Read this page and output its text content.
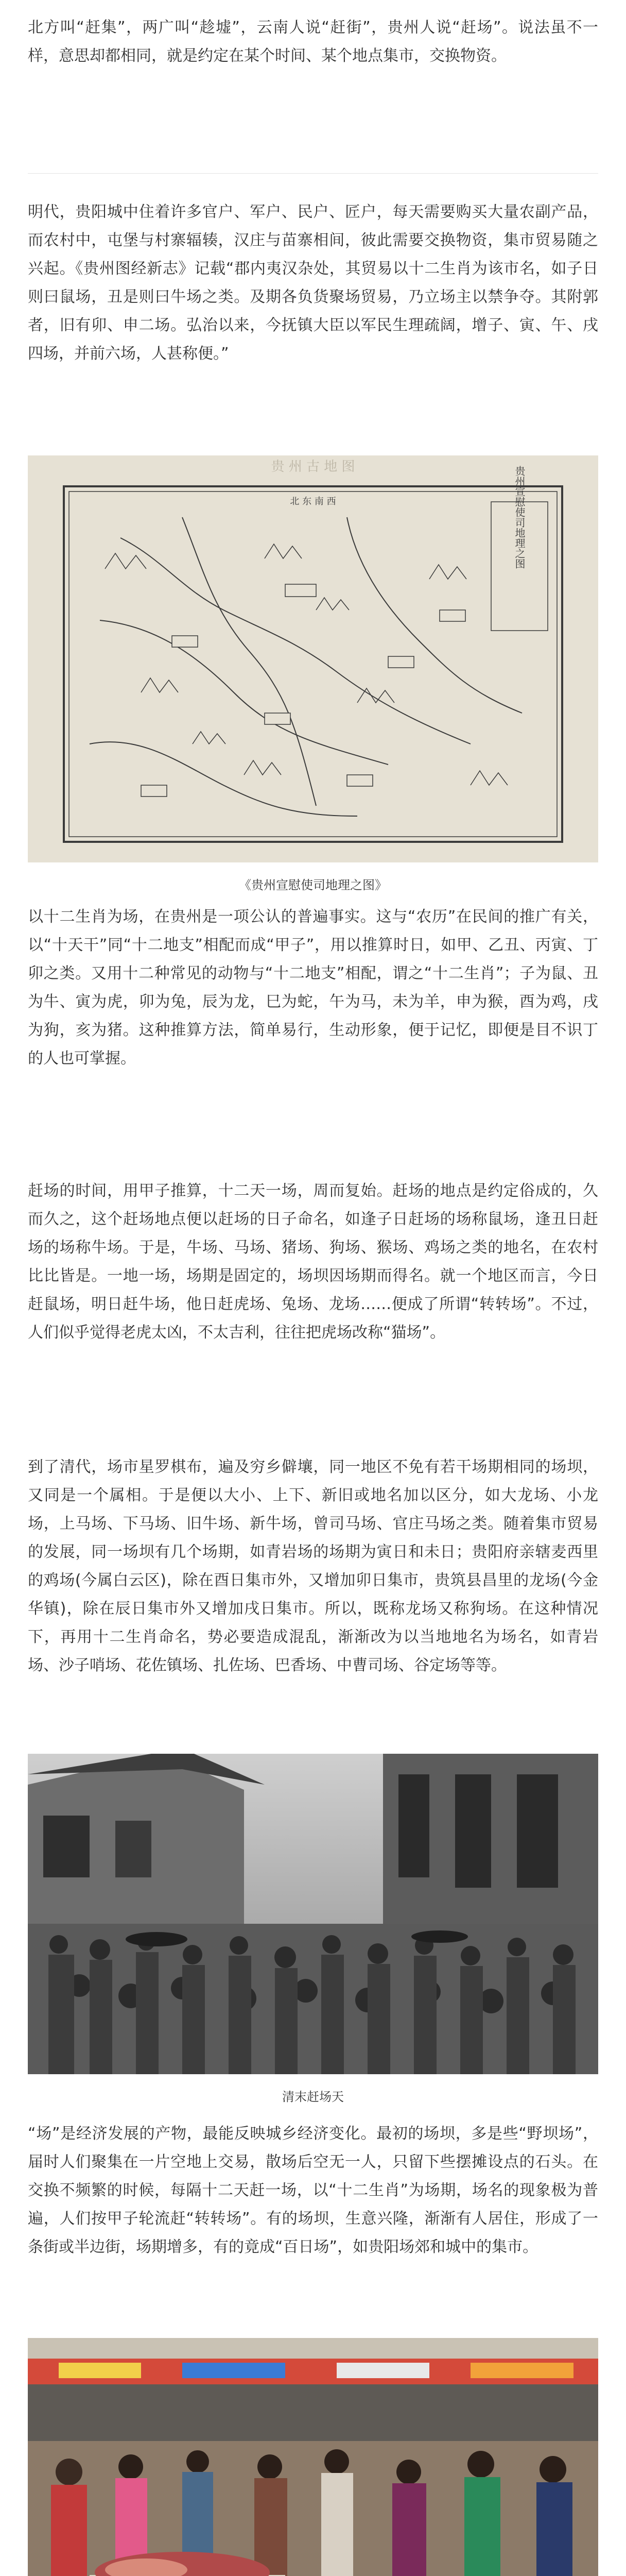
北方叫“赶集”，两广叫“趁墟”，云南人说“赶街”，贵州人说“赶场”。说法虽不一样，意思却都相同，就是约定在某个时间、某个地点集市，交换物资。

明代，贵阳城中住着许多官户、军户、民户、匠户，每天需要购买大量农副产品，而农村中，屯堡与村寨辐辏，汉庄与苗寨相间，彼此需要交换物资，集市贸易随之兴起。《贵州图经新志》记载“郡内夷汉杂处，其贸易以十二生肖为该市名，如子日则曰鼠场，丑是则曰牛场之类。及期各负货聚场贸易，乃立场主以禁争夺。其附郭者，旧有卯、申二场。弘治以来，今抚镇大臣以军民生理疏阔，增子、寅、午、戌四场，并前六场，人甚称便。”

贵 州 古 地 图	贵州宣慰使司地理之图
北 东 南 西
《贵州宣慰使司地理之图》

以十二生肖为场，在贵州是一项公认的普遍事实。这与“农历”在民间的推广有关，以“十天干”同“十二地支”相配而成“甲子”，用以推算时日，如甲、乙丑、丙寅、丁卯之类。又用十二种常见的动物与“十二地支”相配，谓之“十二生肖”；子为鼠、丑为牛、寅为虎，卯为兔，辰为龙，巳为蛇，午为马，未为羊，申为猴，酉为鸡，戌为狗，亥为猪。这种推算方法，简单易行，生动形象，便于记忆，即便是目不识丁的人也可掌握。

赶场的时间，用甲子推算，十二天一场，周而复始。赶场的地点是约定俗成的，久而久之，这个赶场地点便以赶场的日子命名，如逢子日赶场的场称鼠场，逢丑日赶场的场称牛场。于是，牛场、马场、猪场、狗场、猴场、鸡场之类的地名，在农村比比皆是。一地一场，场期是固定的，场坝因场期而得名。就一个地区而言，今日赶鼠场，明日赶牛场，他日赶虎场、兔场、龙场……便成了所谓“转转场”。不过，人们似乎觉得老虎太凶，不太吉利，往往把虎场改称“猫场”。

到了清代，场市星罗棋布，遍及穷乡僻壤，同一地区不免有若干场期相同的场坝，又同是一个属相。于是便以大小、上下、新旧或地名加以区分，如大龙场、小龙场，上马场、下马场、旧牛场、新牛场，曾司马场、官庄马场之类。随着集市贸易的发展，同一场坝有几个场期，如青岩场的场期为寅日和未日；贵阳府亲辖麦西里的鸡场(今属白云区)，除在酉日集市外，又增加卯日集市，贵筑县昌里的龙场(今金华镇)，除在辰日集市外又增加戌日集市。所以，既称龙场又称狗场。在这种情况下，再用十二生肖命名，势必要造成混乱，渐渐改为以当地地名为场名，如青岩场、沙子哨场、花佐镇场、扎佐场、巴香场、中曹司场、谷定场等等。

清末赶场天

“场”是经济发展的产物，最能反映城乡经济变化。最初的场坝，多是些“野坝场”，届时人们聚集在一片空地上交易，散场后空无一人，只留下些摆摊设点的石头。在交换不频繁的时候，每隔十二天赶一场，以“十二生肖”为场期，场名的现象极为普遍，人们按甲子轮流赶“转转场”。有的场坝，生意兴隆，渐渐有人居住，形成了一条街或半边街，场期增多，有的竟成“百日场”，如贵阳场郊和城中的集市。
